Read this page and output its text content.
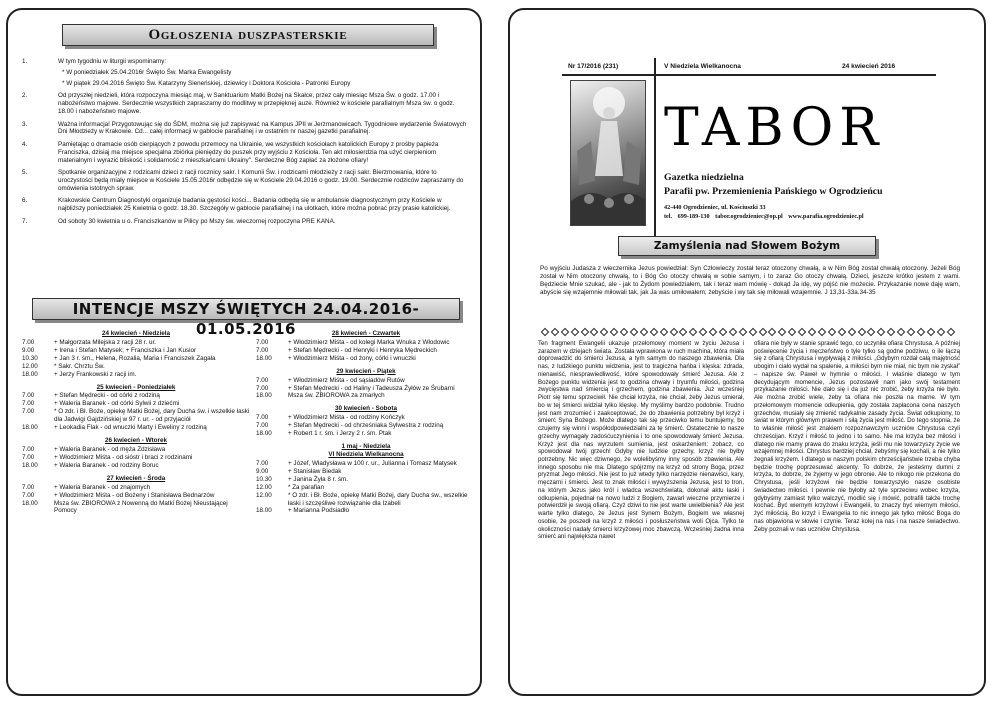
Ogłoszenia duszpasterskie
1.	W tym tygodniu w liturgii wspominamy:
* W poniedziałek 25.04.2016r Święto Św. Marka Ewangelisty
* W piątek 29.04.2016 Święto Św. Katarzyny Sieneńskiej, dziewicy i Doktora Kościoła - Patronki Europy
2.	Od przyszłej niedzieli, która rozpoczyna miesiąc maj, w Sanktuarium Matki Bożej na Skałce, przez cały miesiąc Msza Św. o godz. 17.00 i nabożeństwo majowe. Serdecznie wszystkich zapraszamy do modlitwy w przepięknej auze. Również w kościele parafialnym Msza św. o godz. 18.00 i nabożeństwo majowe.
3.	Ważna informacja! Przygotowując się do ŚDM, można się już zapisywać na Kampus JPII w Jerzmanowicach. Tygodniowe wydarzenie Światowych Dni Młodzieży w Krakowie. Cd... całej informacji w gablocie parafialnej i w ostatnim nr naszej gazetki parafialnej.
4.	Pamiętając o dramacie osób cierpiących z powodu przemocy na Ukrainie, we wszystkich kościołach katolickich Europy z prośby papieża Franciszka, dzisiaj ma miejsce specjalna zbiórka pieniędzy do puszek przy wyjściu z Kościoła. Ten akt miłosierdzia ma użyć cierpieniom materialnym i wyrazić bliskość i solidarność z mieszkańcami Ukrainy". Serdeczne Bóg zapłać za złożone ofiary!
5.	Spotkanie organizacyjne z rodzicami dzieci z racji rocznicy sakr. I Komunii Św. i rodzicami młodzieży z racji sakr. Bierzmowania, które to uroczystości będą miały miejsce w Kościele 15.05.2016r odbędzie się w Kościele 29.04.2016 o godz. 19.00. Serdecznie rodziców zapraszamy do omówienia istotnych spraw.
6.	Krakowskie Centrum Diagnostyki organizuje badania gęstości kości... Badania odbędą się w ambulansie diagnostycznym przy Kościele w najbliższy poniedziałek 25 Kwietnia o godz. 18.30. Szczegóły w gablocie parafialnej i na ulotkach, które można pobrać przy prasie katolickiej.
7.	Od soboty 30 kwietnia u o. Franciszkanów w Pilicy po Mszy św. wieczornej rozpoczyna PRE KANA.
INTENCJE MSZY ŚWIĘTYCH 24.04.2016-01.05.2016
24 kwiecień - Niedziela
7.00	+ Małgorzata Milejska z racji 28 r. ur.
9.00	+ Irena i Stefan Matysek; + Franciszka i Jan Kusior
10.30	+ Jan 3 r. śm., Helena, Rozalia, Maria i Franciszek Zagała
12.00	* Sakr. Chrztu Św.
18.00	+ Jerzy Frankowski z racji im.
25 kwiecień - Poniedziałek
7.00	+ Stefan Mędrecki - od córki z rodziną
7.00	+ Waleria Baranek - od córki Sylwii z dziećmi
7.00	* O zdr. i Bł. Boże, opiekę Matki Bożej, dary Ducha św. i wszelkie łaski dla Jadwigi Gajdzińskiej w 97 r. ur. - od przyjaciół
18.00	+ Leokadia Flak - od wnuczki Marty i Eweliny z rodziną
26 kwiecień - Wtorek
7.00	+ Waleria Baranek - od męża Zdzisława
7.00	+ Włodzimierz Miśta - od sióstr i braci z rodzinami
18.00	+ Waleria Baranek - od rodziny Boruc
27 kwiecień - Środa
7.00	+ Waleria Baranek - od znajomych
7.00	+ Włodzimierz Miśta - od Bożeny i Stanisława Bednarzów
18.00	Msza św. ZBIOROWA z Nowenną do Matki Bożej Nieustającej Pomocy
28 kwiecień - Czwartek
7.00	+ Włodzimierz Miśta - od kolegi Marka Wnuka z Włodowic
7.00	+ Stefan Mędrecki - od Henryki i Henryka Mędreckich
18.00	+ Włodzimierz Miśta - od żony, córki i wnuczki
29 kwiecień - Piątek
7.00	+ Włodzimierz Miśta - od sąsiadów Rutów
7.00	+ Stefan Mędrecki - od Haliny i Tadeusza Żyłów ze Śrubarni
18.00	Msza św. ZBIOROWA za zmarłych
30 kwiecień - Sobota
7.00	+ Włodzimierz Miśta - od rodziny Kończyk
7.00	+ Stefan Mędrecki - od chrześniaka Sylwestra z rodziną
18.00	+ Robert 1 r. śm. i Jerzy 2 r. śm. Ptak
1 maj - Niedziela
VI Niedziela Wielkanocna
7.00	+ Józef, Władysława w 100 r. ur., Julianna i Tomasz Matysek
9.00	+ Stanisław Biedak
10.30	+ Janina Żyła 8 r. śm.
12.00	* Za parafian
12.00	* O zdr. i Bł. Boże, opiekę Matki Bożej, dary Ducha św., wszelkie łaski i szczęśliwe rozwiązanie dla Izabeli
18.00	+ Marianna Podsiadło
Nr 17/2016 (231)	V Niedziela Wielkanocna	24 kwiecień 2016
TABOR
Gazetka niedzielna
Parafii pw. Przemienienia Pańskiego w Ogrodzieńcu
42-440 Ogrodzieniec, ul. Kościuszki 33
tel. 699-189-130 tabor.ogrodzieniec@op.pl www.parafia.ogrodzieniec.pl
Zamyślenia nad Słowem Bożym
Po wyjściu Judasza z wieczernika Jezus powiedział: Syn Człowieczy został teraz otoczony chwałą, a w Nim Bóg został chwałą otoczony. Jeżeli Bóg został w Nim otoczony chwałą, to i Bóg Go otoczy chwałą w sobie samym, i to zaraz Go otoczy chwałą. Dzieci, jeszcze krótko jestem z wami. Będziecie Mnie szukać, ale - jak to Żydom powiedziałem, tak i teraz wam mówię - dokąd Ja idę, wy pójść nie możecie. Przykazanie nowe daję wam, abyście się wzajemnie miłowali tak, jak Ja was umiłowałem; żebyście i wy tak się miłowali wzajemnie. J 13,31-33a.34-35
Ten fragment Ewangelii ukazuje przełomowy moment w życiu Jezusa i zarazem w dziejach świata. Została wprawiona w ruch machina, która miała doprowadzić do śmierci Jezusa, a tym samym do naszego zbawienia. Dla nas, z ludzkiego punktu widzenia, jest to tragiczna hańba i klęska: zdrada, nienawiść, niesprawiedliwość, które spowodowały śmierć Jezusa. Ale z Bożego punktu widzenia jest to godzina chwały i tryumfu miłości, godzina zwycięstwa nad śmiercią i grzechem, godzina zbawienia. Już wcześniej Piotr się temu sprzeciwił. Nie chciał krzyża, nie chciał, żeby Jezus umierał, bo w tej śmierci widział tylko klęskę. My myślimy bardzo podobnie. Trudno jest nam zrozumieć i zaakceptować, że do zbawienia potrzebny był krzyż i śmierć Syna Bożego. Może dlatego tak się przeciwko temu buntujemy, bo czujemy się winni i współodpowiedzialni za tę śmierć. Ostatecznie to nasze grzechy wymagały zadośćuczynienia i to one spowodowały śmierć Jezusa. Krzyż jest dla nas wyrzutem sumienia, jest oskarżeniem: zobacz, co spowodował twój grzech! Gdyby nie ludzkie grzechy, krzyż nie byłby potrzebny. Nic więc dziwnego, że wolelibyśmy inny sposób zbawienia. Ale innego sposobu nie ma. Dlatego spójrzmy na krzyż od strony Boga, przez pryzmat Jego miłości. Nie jest to już wtedy tylko narzędzie nienawiści, kary, męczarni i śmierci. Jest to znak miłości i wywyższenia Jezusa, jest to tron, na którym Jezus jako król i władca wszechświata, dokonał aktu łaski i odkupienia, pojednał na nowo ludzi z Bogiem, zawarł wieczne przymierze i potwierdził je swoją ofiarą. Czyż dziwi to nie jest warte uwielbienia? Ale jest warte tylko dlatego, że Jezus jest Synem Bożym, Bogiem we własnej osobie, że poszedł na krzyż z miłości i posłuszeństwa woli Ojca. Tylko te okoliczności nadały śmierci krzyżowej moc zbawczą. Wcześniej żadna inna śmierć ani największa nawet
ofiara nie były w stanie sprawić tego, co uczyniła ofiara Chrystusa. A później poświęcenie życia i męczeństwo o tyle tylko są godne podziwu, o ile łączą się z ofiarą Chrystusa i wypływają z miłości. „Gdybym rozdał całą majętność ubogim i ciało wydał na spalenie, a miłości bym nie miał, nic bym nie zyskał” – napisze św. Paweł w hymnie o miłości. I właśnie dlatego w tym decydującym momencie, Jezus pozostawił nam jako swój testament przykazanie miłości. Nie dało się i da już nic zrobić, żeby krzyża nie było. Ale można zrobić wiele, żeby ta ofiara nie poszła na marne. W tym przełomowym momencie odkupienia, gdy została zapłacona cena naszych grzechów, musiały się zmienić radykalnie zasady życia. Świat odkupiony, to świat w którym głównym prawem i siłą życia jest miłość. Do tego stopnia, że to właśnie miłość jest znakiem rozpoznawczym uczniów Chrystusa czyli chrześcijan. Krzyż i miłość to jedno i to samo. Nie ma krzyża bez miłości i dlatego nie mamy prawa do znaku krzyża, jeśli mu nie towarzyszy życie we wzajemnej miłości. Chrystus bardziej chciał, żebyśmy się kochali, a nie tylko żegnali krzyżem. I dlatego w naszym polskim chrześcijaństwie trzeba chyba będzie trochę poprzesuwać akcenty. To dobrze, że jesteśmy dumni z krzyża, to dobrze, że żyjemy w jego obronie. Ale to nikogo nie przekona do Chrystusa, jeśli krzyżowi nie będzie towarzyszyło nasze osobiste świadectwo miłości. I pewnie nie byłoby aż tyle sprzeciwu wobec krzyża, gdybyśmy zamiast tylko walczyć, modlić się i mówić, potrafili także trochę kochać. Być wiernym krzyżowi i Ewangelii, to znaczy być wiernym miłości, żyć miłością. Bo krzyż i Ewangelia to nic innego jak tylko miłość Boga do nas objawiona w słowie i czynie. Teraz kolej na nas i na nasze świadectwo. Żeby poznali w nas uczniów Chrystusa.
